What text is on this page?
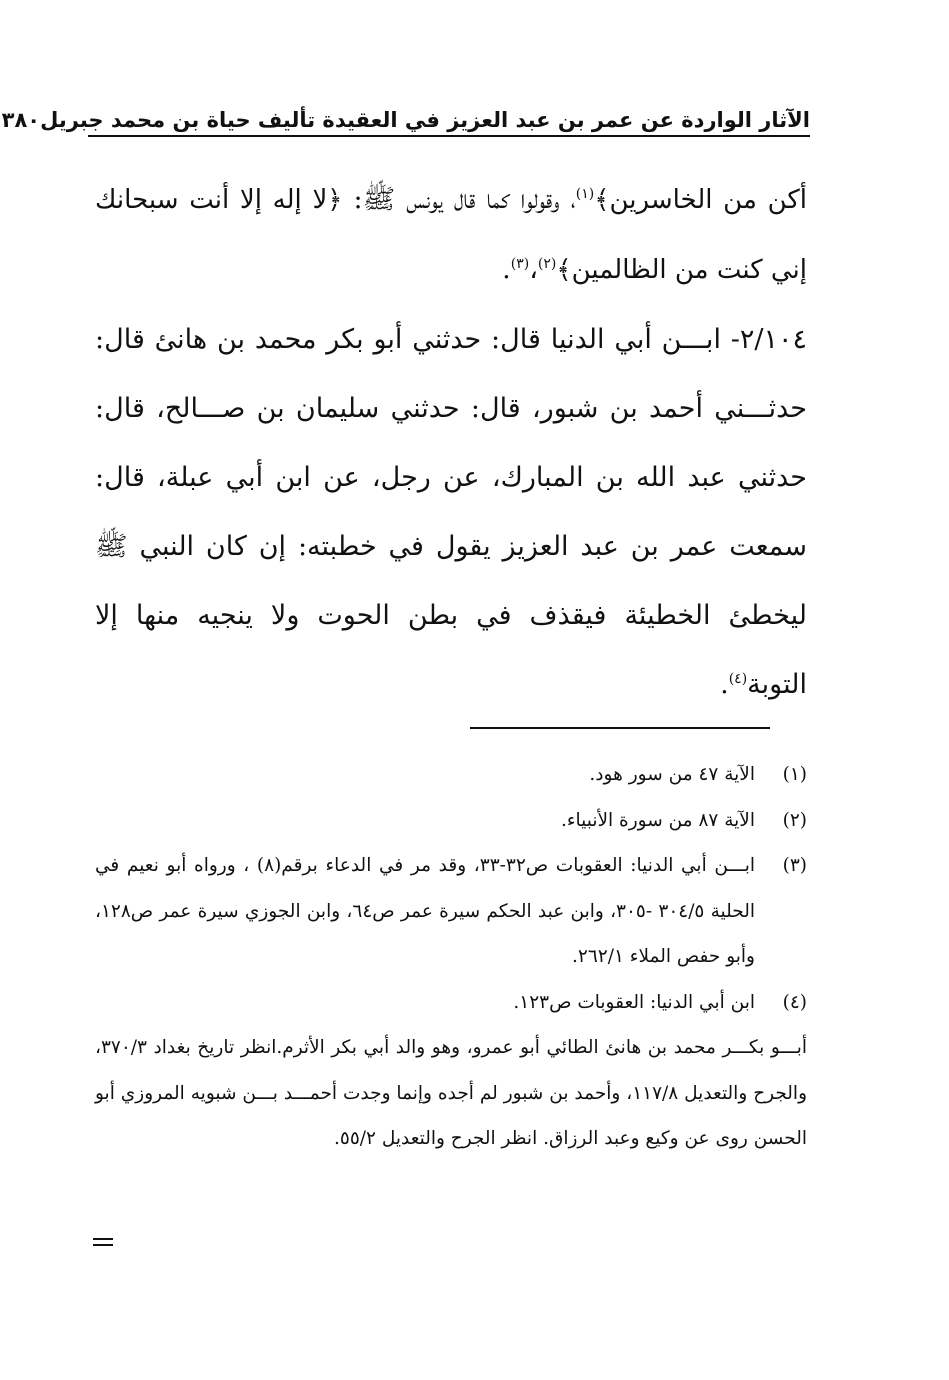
الآثار الواردة عن عمر بن عبد العزيز في العقيدة تأليف حياة بن محمد جبريل
٣٨٠

أكن من الخاسرين﴾$^{(١)}$، وقولوا كما قال يونس ﷺ: ﴿لا إله إلا أنت سبحانك إني كنت من الظالمين﴾$^{(٢)}$،$^{(٣)}$.

٢/١٠٤- ابـــن أبي الدنيا قال: حدثني أبو بكر محمد بن هانئ قال: حدثـــني أحمد بن شبور، قال: حدثني سليمان بن صـــالح، قال: حدثني عبد الله بن المبارك، عن رجل، عن ابن أبي عبلة، قال: سمعت عمر بن عبد العزيز يقول في خطبته: إن كان النبي ﷺ ليخطئ الخطيئة فيقذف في بطن الحوت ولا ينجيه منها إلا التوبة$^{(٤)}$.

(١)
الآية ٤٧ من سور هود.
(٢)
الآية ٨٧ من سورة الأنبياء.
(٣)
ابـــن أبي الدنيا: العقوبات ص٣٢-٣٣، وقد مر في الدعاء برقم(٨) ، ورواه أبو نعيم في الحلية ٣٠٤/٥ -٣٠٥، وابن عبد الحكم سيرة عمر ص٦٤، وابن الجوزي سيرة عمر ص١٢٨، وأبو حفص الملاء ٢٦٢/١.
(٤)
ابن أبي الدنيا: العقوبات ص١٢٣.
أبـــو بكـــر محمد بن هانئ الطائي أبو عمرو، وهو والد أبي بكر الأثرم.انظر تاريخ بغداد ٣٧٠/٣، والجرح والتعديل ١١٧/٨، وأحمد بن شبور لم أجده وإنما وجدت أحمـــد بـــن شبويه المروزي أبو الحسن روى عن وكيع وعبد الرزاق. انظر الجرح والتعديل ٥٥/٢.
